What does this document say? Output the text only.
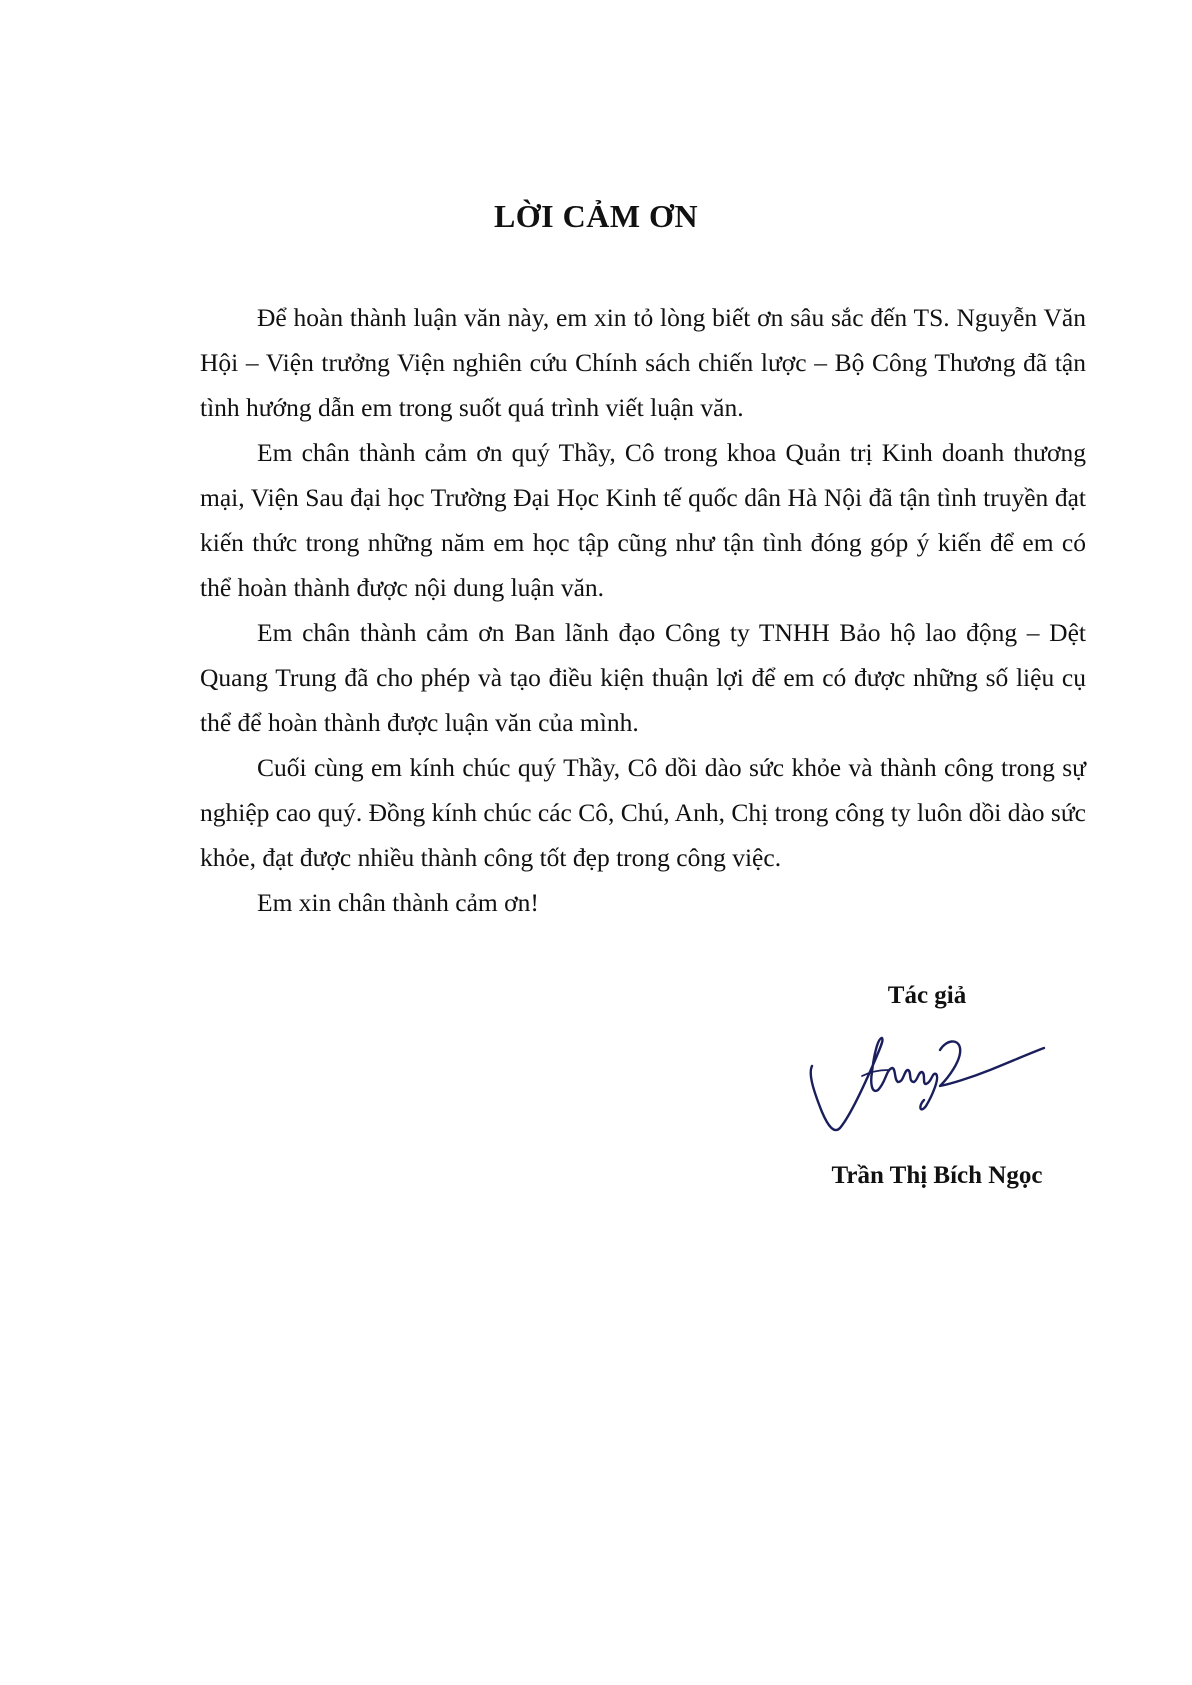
LỜI CẢM ƠN

Để hoàn thành luận văn này, em xin tỏ lòng biết ơn sâu sắc đến TS. Nguyễn Văn Hội – Viện trưởng Viện nghiên cứu Chính sách chiến lược – Bộ Công Thương đã tận tình hướng dẫn em trong suốt quá trình viết luận văn.

Em chân thành cảm ơn quý Thầy, Cô trong khoa Quản trị Kinh doanh thương mại, Viện Sau đại học Trường Đại Học Kinh tế quốc dân Hà Nội đã tận tình truyền đạt kiến thức trong những năm em học tập cũng như tận tình đóng góp ý kiến để em có thể hoàn thành được nội dung luận văn.

Em chân thành cảm ơn Ban lãnh đạo Công ty TNHH Bảo hộ lao động – Dệt Quang Trung đã cho phép và tạo điều kiện thuận lợi để em có được những số liệu cụ thể để hoàn thành được luận văn của mình.

Cuối cùng em kính chúc quý Thầy, Cô dồi dào sức khỏe và thành công trong sự nghiệp cao quý. Đồng kính chúc các Cô, Chú, Anh, Chị trong công ty luôn dồi dào sức khỏe, đạt được nhiều thành công tốt đẹp trong công việc.

Em xin chân thành cảm ơn!

Tác giả
Trần Thị Bích Ngọc
